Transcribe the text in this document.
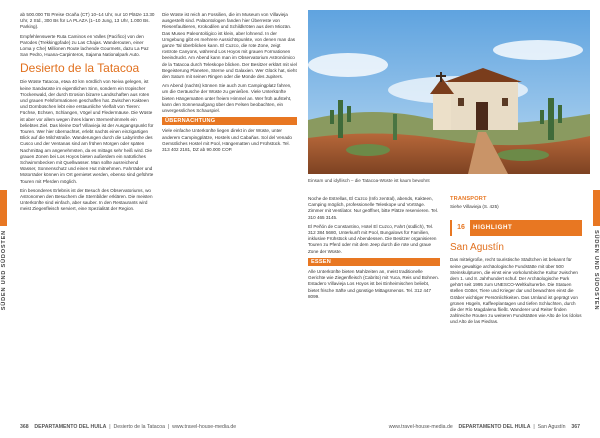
ab 500.000 TB Preise Ocaña (CT) 10–14 Uhr, nur 10 Plätze 13.30 Uhr, 2 Std., 300 Bs für LA PLAZA (1–10 Jung, 13 Uhr, 1.000 Bs. Parking).

Empfehlenswerte Ruta Caminos en Valles (Pacifico) von den Parodes (Trekkingpfade) zu Las Chajas. Wanderouten, einer Loma y Che) Millionen Route lachende Gourmets, dazu La Paz San Pedro, Huana-Carpinteros, Sajama Nationalpark Auto.

Desierto de la Tatacoa

Die Wüste Tatacoa, etwa 40 km nördlich von Neiva gelegen, ist keine Sandwüste im eigentlichen Sinn, sondern ein tropischer Trockenwald, der durch Erosion bizarre Landschaften aus roten und grauen Felsformationen geschaffen hat. Zwischen Kakteen und Dornbüschen lebt eine erstaunliche Vielfalt von Tieren: Füchse, Echsen, Schlangen, Vögel und Fledermäuse. Die Wüste ist aber vor allem wegen ihres klaren Sternenhimmels ein beliebtes Ziel. Das kleine Dorf Villavieja ist der Ausgangspunkt für Touren. Wer hier übernachtet, erlebt nachts einen einzigartigen Blick auf die Milchstraße. Wanderungen durch die Labyrinthe des Cusco und der Ventanas sind am frühen Morgen oder späten Nachmittag am angenehmsten, da es mittags sehr heiß wird. Die grauen Zonen bei Los Hoyos bieten außerdem ein natürliches Schwimmbecken mit Quellwasser. Man sollte ausreichend Wasser, Sonnenschutz und einen Hut mitnehmen. Fahrräder und Motorräder können im Ort gemietet werden, ebenso sind geführte Touren mit Pferden möglich.

Ein besonderes Erlebnis ist der Besuch des Observatoriums, wo Astronomen den Besuchern die Sternbilder erklären. Die meisten Unterkünfte sind einfach, aber sauber. In den Restaurants wird meist Ziegenfleisch serviert, eine Spezialität der Region.

Die Wüste ist reich an Fossilien, die im Museum von Villavieja ausgestellt sind. Paläontologen fanden hier Überreste von Riesenfaultieren, Krokodilen und Schildkröten aus dem Miozän. Das Museo Paleontológico ist klein, aber lohnend. In der Umgebung gibt es mehrere Aussichtspunkte, von denen man das ganze Tal überblicken kann. El Cuzco, die rote Zone, zeigt rostrote Canyons, während Los Hoyos mit grauen Formationen beeindruckt. Am Abend kann man im Observatorium Astronómico de la Tatacoa durch Teleskope blicken. Der Besitzer erklärt mit viel Begeisterung Planeten, Sterne und Galaxien. Wer Glück hat, sieht den Saturn mit seinen Ringen oder die Monde des Jupiters.

Am Abend (nachts) können Sie auch zum Campingplatz fahren, um die Geräusche der Wüste zu genießen. Viele Unterkünfte bieten Hängematten unter freiem Himmel an. Wer früh aufsteht, kann den Sonnenaufgang über den Felsen beobachten, ein unvergessliches Schauspiel.

ÜBERNACHTUNG

Viele einfache Unterkünfte liegen direkt in der Wüste, unter anderem Campingplätze, Hostels und Cabañas. Sol del Venado Gemütliches Hostel mit Pool, Hängematten und Frühstück. Tel. 313 402 2181, DZ ab 90.000 COP.

SÜDEN UND SÜDOSTEN
368 DEPARTAMENTO DEL HUILA  |  Desierto de la Tatacoa  |  www.travel-house-media.de
Einsam und idyllisch – die Tatacoa-Wüste ist kaum bewohnt

Noche de Estrellas, El Cuzco (Info zentral), abends, Kakteen, Camping möglich, professionelle Teleskope und Vorträge. Zimmer mit Ventilator. Nur geöffnet, bitte Plätze reservieren. Tel. 310 465 3145.

El Peñón de Constantino, Hotel El Cuzco, Fahrt (südlich), Tel. 312 384 5680, Unterkunft mit Pool, Bungalows für Familien, inklusive Frühstück und Abendessen. Die Besitzer organisieren Touren zu Pferd oder mit dem Jeep durch die rote und graue Zone der Wüste.

ESSEN

Alle Unterkünfte bieten Mahlzeiten an, meist traditionelle Gerichte wie Ziegenfleisch (Cabrito) mit Yuca, Reis und Bohnen. Estadero Villavieja Los Hoyos ist bei Einheimischen beliebt, bietet frische Säfte und günstige Mittagsmenüs. Tel. 312 447 8099.

TRANSPORT

Siehe Villavieja (S. 425)

16	HIGHLIGHT
San Agustín

Das mittelgroße, recht touristische Städtchen ist bekannt für seine gewaltige archäologische Fundstätte mit über 500 Steinskulpturen, die einst eine vorkolumbische Kultur zwischen dem 1. und 8. Jahrhundert schuf. Der Archäologische Park gehört seit 1995 zum UNESCO-Weltkulturerbe. Die Statuen stellen Götter, Tiere und Krieger dar und bewachten einst die Gräber wichtiger Persönlichkeiten. Das Umland ist geprägt von grünen Hügeln, Kaffeeplantagen und tiefen Schluchten, durch die der Río Magdalena fließt. Wanderer und Reiter finden zahlreiche Routen zu weiteren Fundstätten wie Alto de los Ídolos und Alto de las Piedras.

SÜDEN UND SÜDOSTEN
www.travel-house-media.de DEPARTAMENTO DEL HUILA  |  San Agustín 367
